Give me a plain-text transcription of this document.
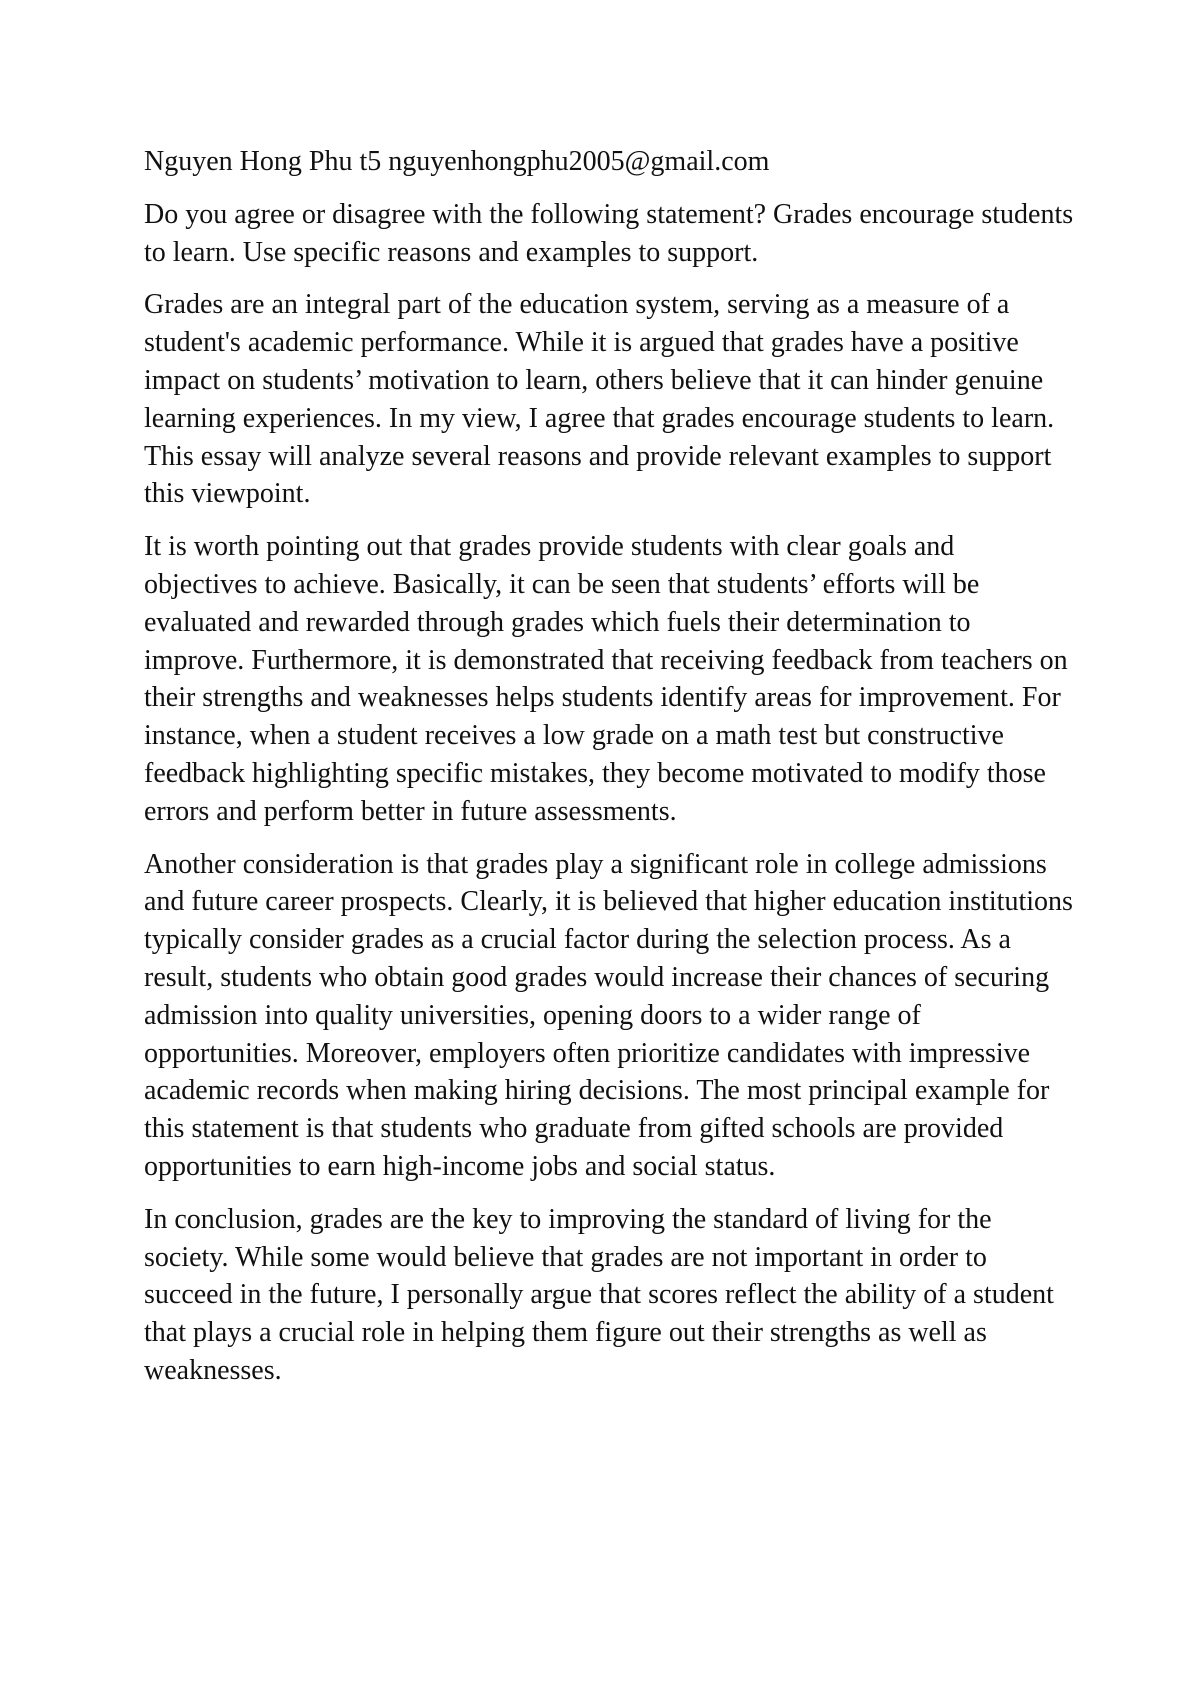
Nguyen Hong Phu t5 nguyenhongphu2005@gmail.com

Do you agree or disagree with the following statement? Grades encourage students to learn. Use specific reasons and examples to support.

Grades are an integral part of the education system, serving as a measure of a student's academic performance. While it is argued that grades have a positive impact on students’ motivation to learn, others believe that it can hinder genuine learning experiences. In my view, I agree that grades encourage students to learn. This essay will analyze several reasons and provide relevant examples to support this viewpoint.

It is worth pointing out that grades provide students with clear goals and objectives to achieve. Basically, it can be seen that students’ efforts will be evaluated and rewarded through grades which fuels their determination to improve. Furthermore, it is demonstrated that receiving feedback from teachers on their strengths and weaknesses helps students identify areas for improvement. For instance, when a student receives a low grade on a math test but constructive feedback highlighting specific mistakes, they become motivated to modify those errors and perform better in future assessments.

Another consideration is that grades play a significant role in college admissions and future career prospects. Clearly, it is believed that higher education institutions typically consider grades as a crucial factor during the selection process. As a result, students who obtain good grades would increase their chances of securing admission into quality universities, opening doors to a wider range of opportunities. Moreover, employers often prioritize candidates with impressive academic records when making hiring decisions. The most principal example for this statement is that students who graduate from gifted schools are provided opportunities to earn high-income jobs and social status.

In conclusion, grades are the key to improving the standard of living for the society. While some would believe that grades are not important in order to succeed in the future, I personally argue that scores reflect the ability of a student that plays a crucial role in helping them figure out their strengths as well as weaknesses.
